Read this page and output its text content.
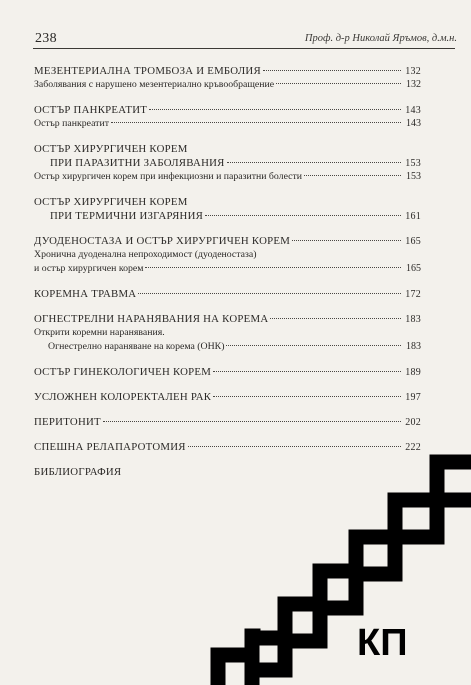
238	Проф. д-р Николай Яръмов, д.м.н.
МЕЗЕНТЕРИАЛНА ТРОМБОЗА И ЕМБОЛИЯ	132
Заболявания с нарушено мезентериално кръвообращение	132
ОСТЪР ПАНКРЕАТИТ	143
Остър панкреатит	143
ОСТЪР ХИРУРГИЧЕН КОРЕМ
ПРИ ПАРАЗИТНИ ЗАБОЛЯВАНИЯ	153
Остър хирургичен корем при инфекциозни и паразитни болести	153
ОСТЪР ХИРУРГИЧЕН КОРЕМ
ПРИ ТЕРМИЧНИ ИЗГАРЯНИЯ	161
ДУОДЕНОСТАЗА И ОСТЪР ХИРУРГИЧЕН КОРЕМ	165
Хронична дуоденална непроходимост (дуоденостаза)
и остър хирургичен корем	165
КОРЕМНА ТРАВМА	172
ОГНЕСТРЕЛНИ НАРАНЯВАНИЯ НА КОРЕМА	183
Открити коремни наранявания.
Огнестрелно нараняване на корема (ОНК)	183
ОСТЪР ГИНЕКОЛОГИЧЕН КОРЕМ	189
УСЛОЖНЕН КОЛОРЕКТАЛЕН РАК	197
ПЕРИТОНИТ	202
СПЕШНА РЕЛАПАРОТОМИЯ	222
БИБЛИОГРАФИЯ
КП
